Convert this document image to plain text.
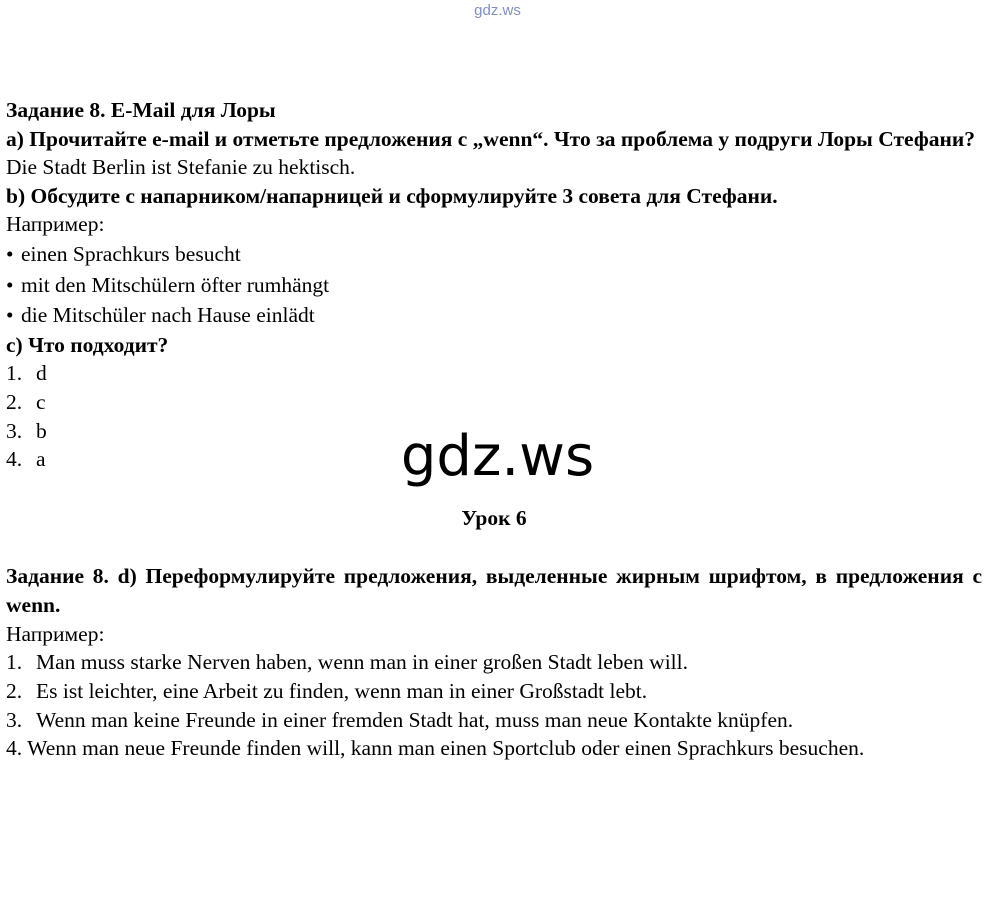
gdz.ws

Задание 8. E-Mail для Лоры

a) Прочитайте e-mail и отметьте предложения с „wenn“. Что за проблема у подруги Лоры Стефани?

Die Stadt Berlin ist Stefanie zu hektisch.

b) Обсудите с напарником/напарницей и сформулируйте 3 совета для Стефани.

Например:

• einen Sprachkurs besucht
• mit den Mitschülern öfter rumhängt
• die Mitschüler nach Hause einlädt

c) Что подходит?

1. d
2. c
3. b
4. a

Урок 6

Задание 8. d) Переформулируйте предложения, выделенные жирным шрифтом, в предложения с wenn.

Например:

1. Man muss starke Nerven haben, wenn man in einer großen Stadt leben will.
2. Es ist leichter, eine Arbeit zu finden, wenn man in einer Großstadt lebt.
3. Wenn man keine Freunde in einer fremden Stadt hat, muss man neue Kontakte knüpfen.

4. Wenn man neue Freunde finden will, kann man einen Sportclub oder einen Sprachkurs besuchen.

gdz.ws
